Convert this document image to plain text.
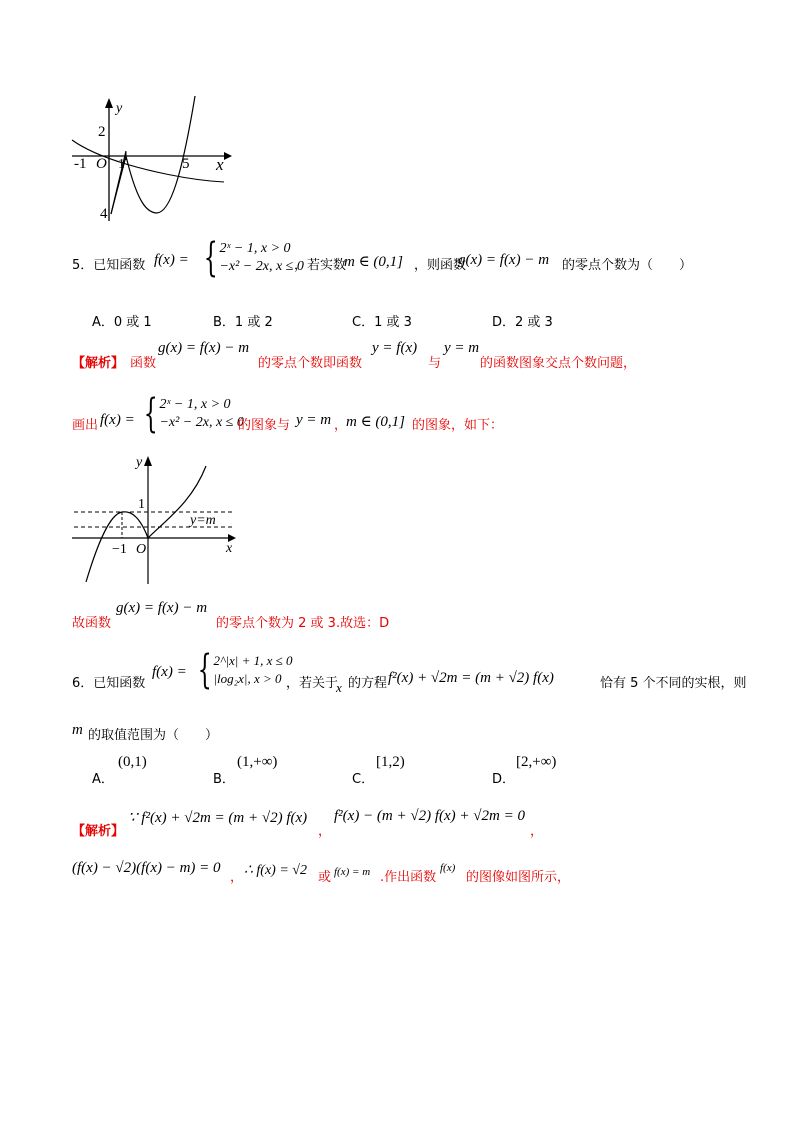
y
2
-1 O 1	5 x
4
5．已知函数 f(x) = { 2ˣ − 1, x > 0
−x² − 2x, x ≤ 0
，若实数
m ∈ (0,1] ，则函数
g(x) = f(x) − m 的零点个数为（　　）
A．0 或 1	B．1 或 2	C．1 或 3	D．2 或 3
【解析】 函数
g(x) = f(x) − m
的零点个数即函数
y = f(x)
与
y = m
的函数图象交点个数问题，
画出 f(x) = { 2ˣ − 1, x > 0
−x² − 2x, x ≤ 0
的图象与 y = m ，
m ∈ (0,1] 的图象，如下：
y
1
y=m
−1 O	x
故函数
g(x) = f(x) − m
的零点个数为 2 或 3.故选：D
6．已知函数
f(x) = { 2^|x| + 1, x ≤ 0
|log₂x|, x > 0 ，若关于
x 的方程 f²(x) + √2m = (m + √2) f(x)	恰有 5 个不同的实根，则
m 的取值范围为（　　）
A．
(0,1)
B．
(1,+∞)
C．
[1,2)
D．
[2,+∞)
【解析】
∵ f²(x) + √2m = (m + √2) f(x)
，
f²(x) − (m + √2) f(x) + √2m = 0
，
(f(x) − √2)(f(x) − m) = 0
， ∴ f(x) = √2 或 f(x) = m .作出函数
f(x)
的图像如图所示，
